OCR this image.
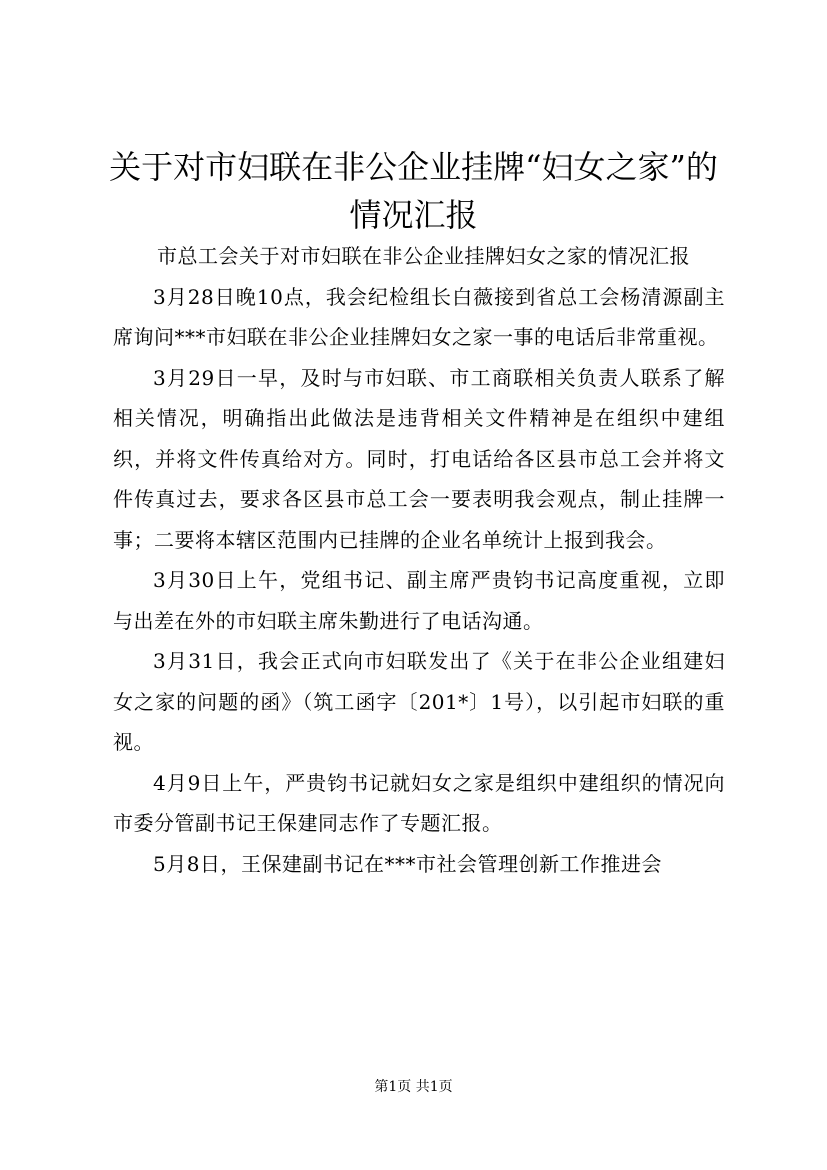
关于对市妇联在非公企业挂牌“妇女之家”的情况汇报

市总工会关于对市妇联在非公企业挂牌妇女之家的情况汇报

3月28日晚10点，我会纪检组长白薇接到省总工会杨清源副主席询问***市妇联在非公企业挂牌妇女之家一事的电话后非常重视。

3月29日一早，及时与市妇联、市工商联相关负责人联系了解相关情况，明确指出此做法是违背相关文件精神是在组织中建组织，并将文件传真给对方。同时，打电话给各区县市总工会并将文件传真过去，要求各区县市总工会一要表明我会观点，制止挂牌一事；二要将本辖区范围内已挂牌的企业名单统计上报到我会。

3月30日上午，党组书记、副主席严贵钧书记高度重视，立即与出差在外的市妇联主席朱勤进行了电话沟通。

3月31日，我会正式向市妇联发出了《关于在非公企业组建妇女之家的问题的函》（筑工函字〔201*〕1号），以引起市妇联的重视。

4月9日上午，严贵钧书记就妇女之家是组织中建组织的情况向市委分管副书记王保建同志作了专题汇报。

5月8日，王保建副书记在***市社会管理创新工作推进会

第1页 共1页
